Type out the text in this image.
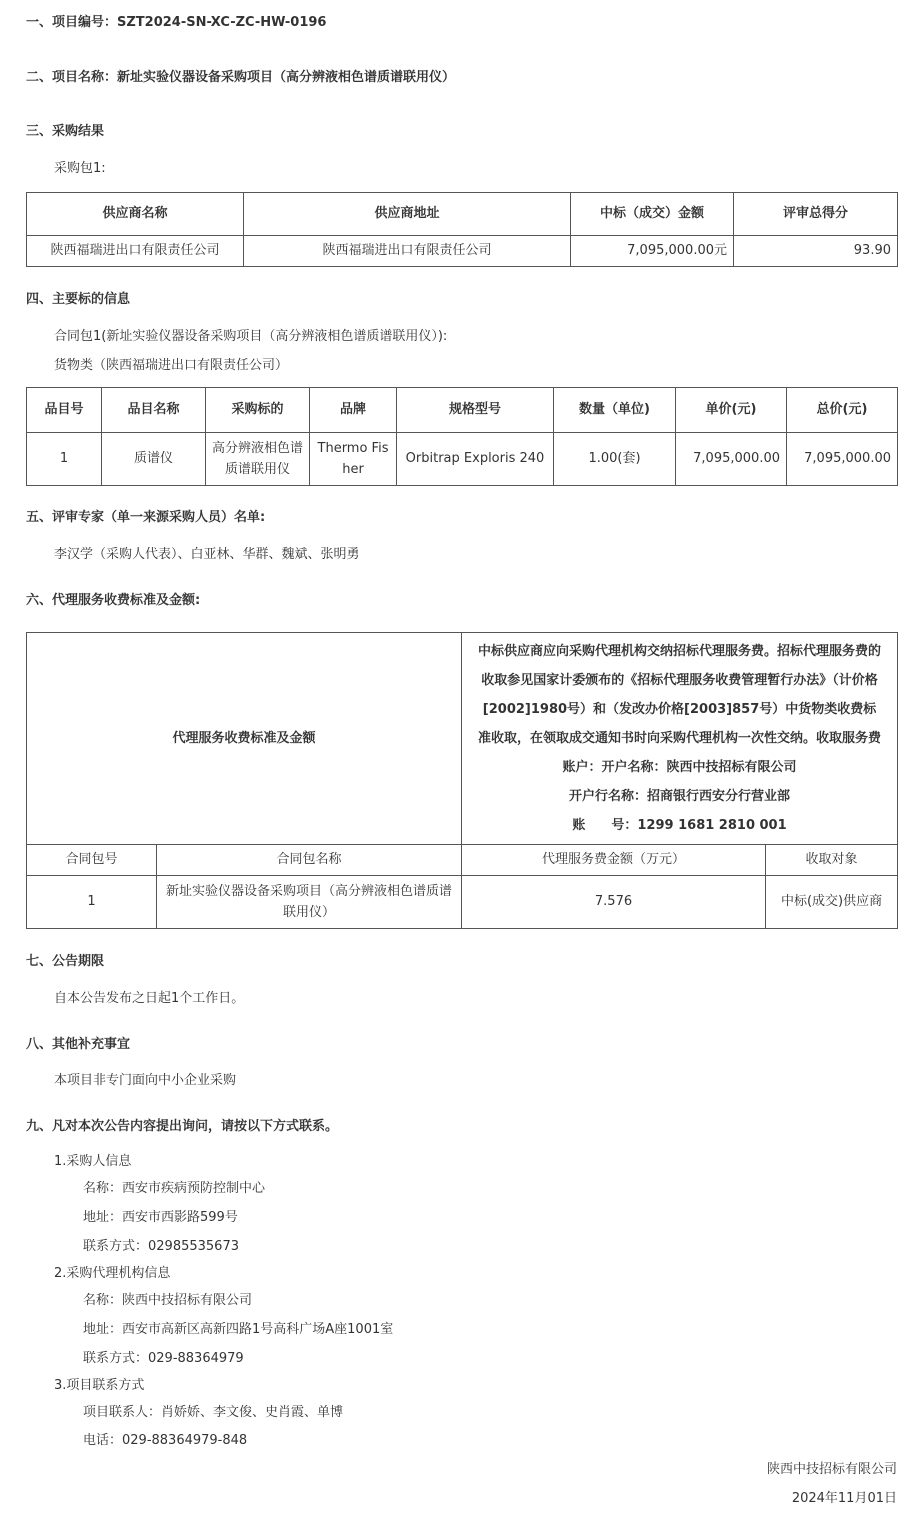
一、项目编号：SZT2024-SN-XC-ZC-HW-0196
二、项目名称：新址实验仪器设备采购项目（高分辨液相色谱质谱联用仪）
三、采购结果
采购包1:
供应商名称	供应商地址	中标（成交）金额	评审总得分
陕西福瑞进出口有限责任公司	陕西福瑞进出口有限责任公司	7,095,000.00元	93.90
四、主要标的信息
合同包1(新址实验仪器设备采购项目（高分辨液相色谱质谱联用仪）):
货物类（陕西福瑞进出口有限责任公司）
品目号	品目名称	采购标的	品牌	规格型号	数量（单位)	单价(元)	总价(元)
1	质谱仪	高分辨液相色谱质谱联用仪	Thermo Fisher	Orbitrap Exploris 240	1.00(套)	7,095,000.00	7,095,000.00
五、评审专家（单一来源采购人员）名单:
李汉学（采购人代表）、白亚林、华群、魏斌、张明勇
六、代理服务收费标准及金额:
代理服务收费标准及金额		中标供应商应向采购代理机构交纳招标代理服务费。招标代理服务费的收取参见国家计委颁布的《招标代理服务收费管理暂行办法》（计价格[2002]1980号）和（发改办价格[2003]857号）中货物类收费标准收取，在领取成交通知书时向采购代理机构一次性交纳。收取服务费账户：开户名称：陕西中技招标有限公司
开户行名称：招商银行西安分行营业部
账　　号：1299 1681 2810 001	

合同包号	合同包名称	代理服务费金额（万元）	收取对象
1	新址实验仪器设备采购项目（高分辨液相色谱质谱联用仪）	7.576	中标(成交)供应商
七、公告期限
自本公告发布之日起1个工作日。
八、其他补充事宜
本项目非专门面向中小企业采购
九、凡对本次公告内容提出询问，请按以下方式联系。
1.采购人信息
名称：西安市疾病预防控制中心
地址：西安市西影路599号
联系方式：02985535673
2.采购代理机构信息
名称：陕西中技招标有限公司
地址：西安市高新区高新四路1号高科广场A座1001室
联系方式：029-88364979
3.项目联系方式
项目联系人：肖娇娇、李文俊、史肖霞、单博
电话：029-88364979-848
陕西中技招标有限公司
2024年11月01日
